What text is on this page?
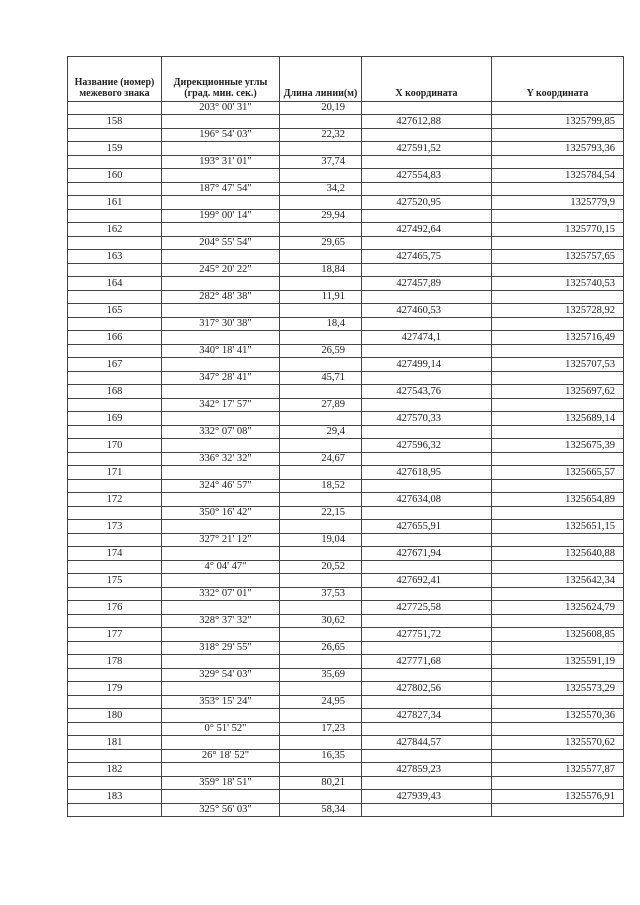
Название (номер) межевого знака	Дирекционные углы (град. мин. сек.)	Длина линии(м)	X координата	Y координата
	203° 00' 31"	20,19		
158			427612,88	1325799,85
	196° 54' 03"	22,32		
159			427591,52	1325793,36
	193° 31' 01"	37,74		
160			427554,83	1325784,54
	187° 47' 54"	34,2		
161			427520,95	1325779,9
	199° 00' 14"	29,94		
162			427492,64	1325770,15
	204° 55' 54"	29,65		
163			427465,75	1325757,65
	245° 20' 22"	18,84		
164			427457,89	1325740,53
	282° 48' 38"	11,91		
165			427460,53	1325728,92
	317° 30' 38"	18,4		
166			427474,1	1325716,49
	340° 18' 41"	26,59		
167			427499,14	1325707,53
	347° 28' 41"	45,71		
168			427543,76	1325697,62
	342° 17' 57"	27,89		
169			427570,33	1325689,14
	332° 07' 08"	29,4		
170			427596,32	1325675,39
	336° 32' 32"	24,67		
171			427618,95	1325665,57
	324° 46' 57"	18,52		
172			427634,08	1325654,89
	350° 16' 42"	22,15		
173			427655,91	1325651,15
	327° 21' 12"	19,04		
174			427671,94	1325640,88
	4° 04' 47"	20,52		
175			427692,41	1325642,34
	332° 07' 01"	37,53		
176			427725,58	1325624,79
	328° 37' 32"	30,62		
177			427751,72	1325608,85
	318° 29' 55"	26,65		
178			427771,68	1325591,19
	329° 54' 03"	35,69		
179			427802,56	1325573,29
	353° 15' 24"	24,95		
180			427827,34	1325570,36
	0° 51' 52"	17,23		
181			427844,57	1325570,62
	26° 18' 52"	16,35		
182			427859,23	1325577,87
	359° 18' 51"	80,21		
183			427939,43	1325576,91
	325° 56' 03"	58,34		
